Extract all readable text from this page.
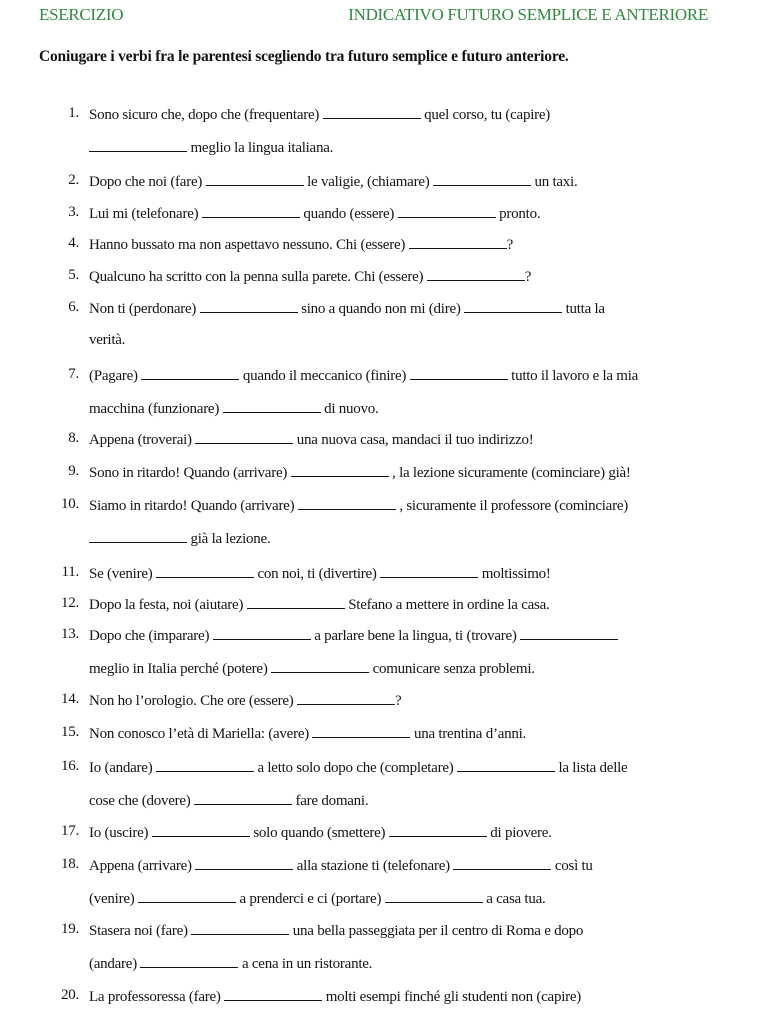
ESERCIZIO	INDICATIVO FUTURO SEMPLICE E ANTERIORE
Coniugare i verbi fra le parentesi scegliendo tra futuro semplice e futuro anteriore.
1. Sono sicuro che, dopo che (frequentare)	quel corso, tu (capire)
meglio la lingua italiana.
2. Dopo che noi (fare)	le valigie, (chiamare)	un taxi.
3. Lui mi (telefonare)	quando (essere)	pronto.
4. Hanno bussato ma non aspettavo nessuno. Chi (essere)	?
5. Qualcuno ha scritto con la penna sulla parete. Chi (essere)	?
6. Non ti (perdonare)	sino a quando non mi (dire)	tutta la
verità.
7. (Pagare)	quando il meccanico (finire)	tutto il lavoro e la mia
macchina (funzionare)	di nuovo.
8. Appena (troverai)	una nuova casa, mandaci il tuo indirizzo!
9. Sono in ritardo! Quando (arrivare)	, la lezione sicuramente (cominciare) già!
10. Siamo in ritardo! Quando (arrivare)	, sicuramente il professore (cominciare)
già la lezione.
11. Se (venire)	con noi, ti (divertire)	moltissimo!
12. Dopo la festa, noi (aiutare)	Stefano a mettere in ordine la casa.
13. Dopo che (imparare)	a parlare bene la lingua, ti (trovare)
meglio in Italia perché (potere)	comunicare senza problemi.
14. Non ho l’orologio. Che ore (essere)	?
15. Non conosco l’età di Mariella: (avere)	una trentina d’anni.
16. Io (andare)	a letto solo dopo che (completare)	la lista delle
cose che (dovere)	fare domani.
17. Io (uscire)	solo quando (smettere)	di piovere.
18. Appena (arrivare)	alla stazione ti (telefonare)	così tu
(venire)	a prenderci e ci (portare)	a casa tua.
19. Stasera noi (fare)	una bella passeggiata per il centro di Roma e dopo
(andare)	a cena in un ristorante.
20. La professoressa (fare)	molti esempi finché gli studenti non (capire)
